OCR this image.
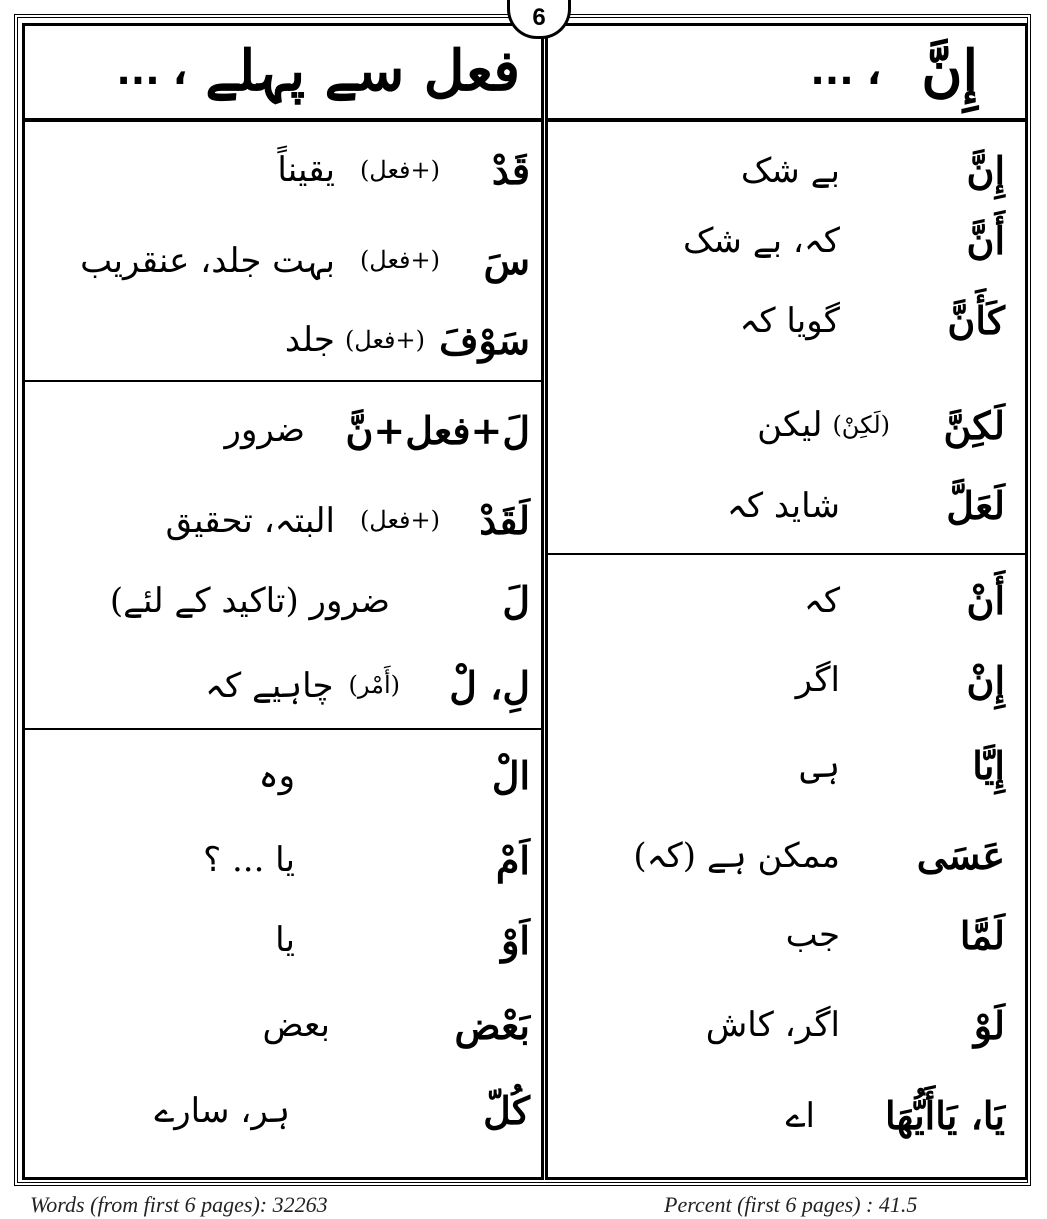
6
إِنَّ
، ...
فعل سے پہلے
، ...
إِنَّ
بے شک
أَنَّ
کہ، بے شک
كَأَنَّ
گویا کہ
لَكِنَّ
(لَکِنْ)
لیکن
لَعَلَّ
شاید کہ
أَنْ
کہ
إِنْ
اگر
إِيَّا
ہی
عَسَى
ممکن ہے (کہ)
لَمَّا
جب
لَوْ
اگر، کاش
يَا، يَاأَيُّهَا
اے
قَدْ
(+فعل)
یقیناً
سَ
(+فعل)
بہت جلد، عنقریب
سَوْفَ
(+فعل)
جلد
لَ+فعل+نَّ
ضرور
لَقَدْ
(+فعل)
البتہ، تحقیق
لَ
ضرور (تاکید کے لئے)
لِ، لْ
(أَمْر)
چاہیے کہ
الْ
وہ
اَمْ
یا ... ؟
اَوْ
یا
بَعْض
بعض
كُلّ
ہر، سارے
Words (from first 6 pages): 32263	Percent (first 6 pages) : 41.5
